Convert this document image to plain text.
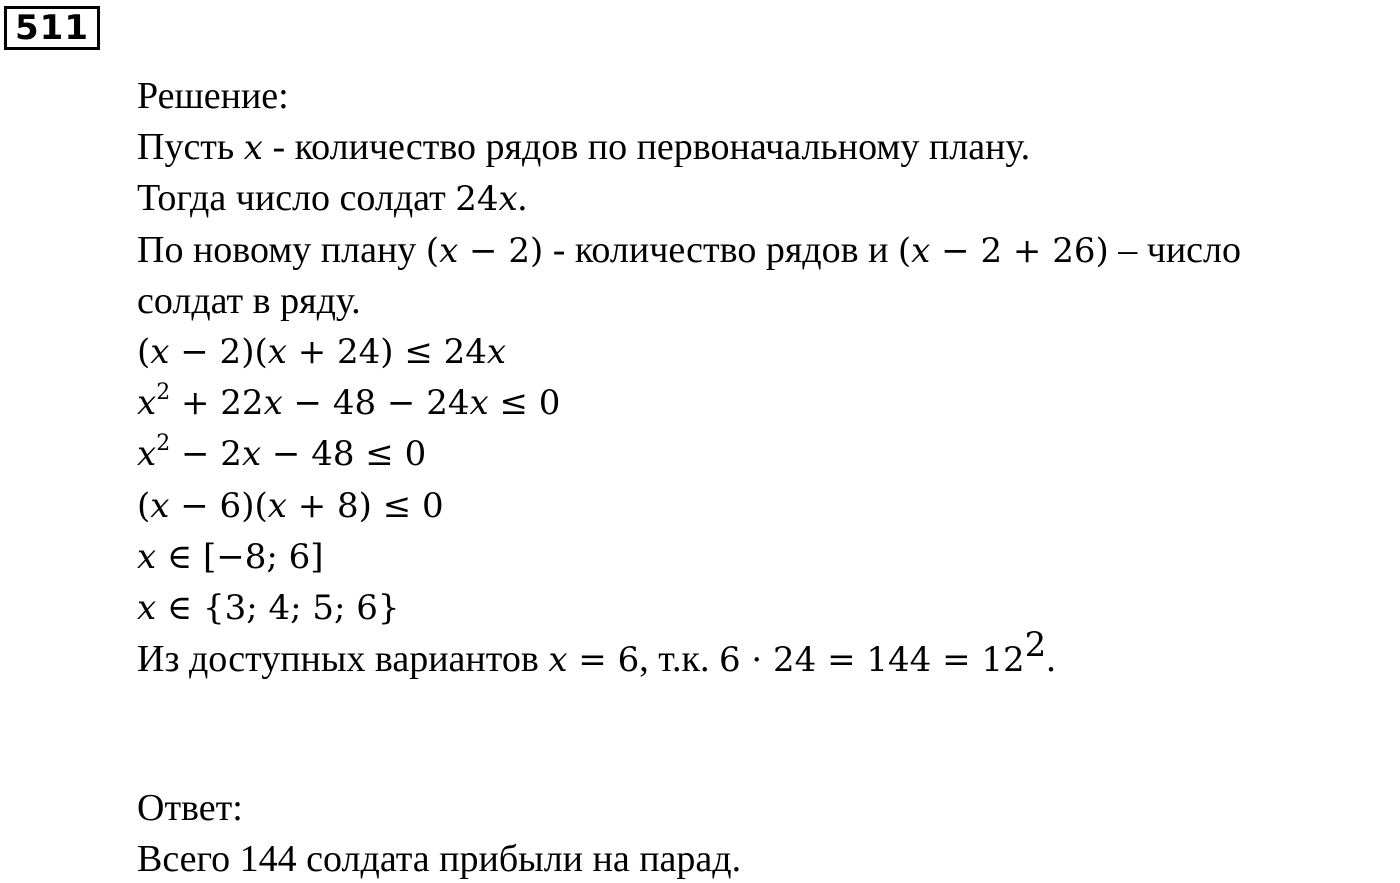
511
Решение:
Пусть x - количество рядов по первоначальному плану.
Тогда число солдат 24x.
По новому плану (x − 2) - количество рядов и (x − 2 + 26) – число
солдат в ряду.
(x − 2)(x + 24) ≤ 24x
$x^2 + 22x - 48 - 24x \le 0$
$x^2 - 2x - 48 \le 0$
(x − 6)(x + 8) ≤ 0
x ∈ [−8; 6]
x ∈ {3; 4; 5; 6}
Из доступных вариантов x = 6, т.к. $6 \cdot 24 = 144 = 12^2$.
Ответ:
Всего 144 солдата прибыли на парад.
